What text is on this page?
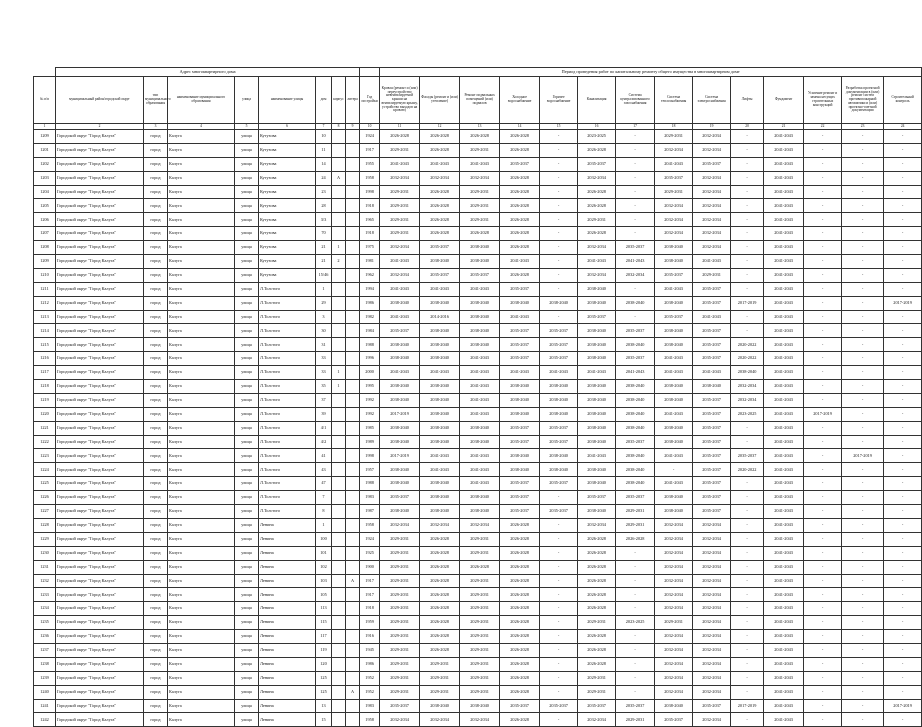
	Адрес многоквартирного дома									Период проведения работ по капитальному ремонту общего имущества в многоквартирном доме													
№ п/п	муниципальный район/городской округ	тип муниципального образования	наименование муниципального образования	улица	наименование улицы	дом	корпус	литера	Год постройки	Кровля (ремонт и (или) переустройство невентилируемой крыши на вентилируемую крышу, устройство выходов на кровлю)	Фасады (ремонт и (или) утепление)	Ремонт подвальных помещений (или) подвалов	Холодное водоснабжение	Горячее водоснабжение	Канализация	Система централизованного газоснабжения	Система теплоснабжения	Система электроснабжения	Лифты	Фундамент	Усиление ремонт и замена несущих строительных конструкций	Разработка проектной документации в (или) ремонт систем противопожарной автоматики и (или) проектно-сметной документации	Строительный контроль
1	2	3	4	5	6	7	8	9	10	11	12	13	14	15	16	17	18	19	20	21	22	23	24
1209	Городской округ "Город Калуга"	город	Калуга	улица	Кутузова	10			1924	2026-2028	2026-2028	2026-2028	2026-2028	-	2023-2025	-	2029-2031	2032-2034	-	2041-2043	-	-	-
1201	Городской округ "Город Калуга"	город	Калуга	улица	Кутузова	11			1917	2029-2031	2026-2028	2029-2031	2026-2028	-	2026-2028	-	2032-2034	2032-2034	-	2041-2043	-	-	-
1202	Городской округ "Город Калуга"	город	Калуга	улица	Кутузова	14			1955	2041-2043	2041-2043	2041-2043	2035-2037	-	2035-2037	-	2041-2043	2035-2037	-	2041-2043	-	-	-
1203	Городской округ "Город Калуга"	город	Калуга	улица	Кутузова	24	А		1958	2032-2034	2032-2034	2032-2034	2026-2028	-	2032-2034	-	2035-2037	2032-2034	-	2041-2043	-	-	-
1204	Городской округ "Город Калуга"	город	Калуга	улица	Кутузова	23			1998	2029-2031	2026-2028	2029-2031	2026-2028	-	2026-2028	-	2029-2031	2032-2034	-	2041-2043	-	-	-
1205	Городской округ "Город Калуга"	город	Калуга	улица	Кутузова	28			1918	2029-2031	2026-2028	2029-2031	2026-2028	-	2026-2028	-	2032-2034	2032-2034	-	2041-2043	-	-	-
1206	Городской округ "Город Калуга"	город	Калуга	улица	Кутузова	3/3			1965	2029-2031	2026-2028	2029-2031	2026-2028	-	2029-2031	-	2032-2034	2032-2034	-	2041-2043	-	-	-
1207	Городской округ "Город Калуга"	город	Калуга	улица	Кутузова	70			1918	2029-2031	2026-2028	2026-2028	2026-2028	-	2026-2028	-	2032-2034	2032-2034	-	2041-2043	-	-	-
1208	Городской округ "Город Калуга"	город	Калуга	улица	Кутузова	21	1		1975	2032-2034	2035-2037	2038-2040	2026-2028	-	2032-2034	2035-2037	2038-2040	2032-2034	-	2041-2043	-	-	-
1209	Городской округ "Город Калуга"	город	Калуга	улица	Кутузова	21	2		1981	2041-2043	2038-2040	2038-2040	2041-2043	-	2041-2043	2041-2043	2038-2040	2041-2043	-	2041-2043	-	-	-
1210	Городской округ "Город Калуга"	город	Калуга	улица	Кутузова	15/46			1962	2032-2034	2035-2037	2035-2037	2026-2028	-	2032-2034	2032-2034	2035-2037	2029-2031	-	2041-2043	-	-	-
1211	Городской округ "Город Калуга"	город	Калуга	улица	Л.Толстого	1			1994	2041-2043	2041-2043	2041-2043	2035-2037	-	2038-2040	-	2041-2043	2035-2037	-	2041-2043	-	-	-
1212	Городской округ "Город Калуга"	город	Калуга	улица	Л.Толстого	29			1986	2038-2040	2038-2040	2038-2040	2038-2040	2038-2040	2038-2040	2038-2040	2038-2040	2035-2037	2017-2019	2041-2043	-	-	2017-2019
1213	Городской округ "Город Калуга"	город	Калуга	улица	Л.Толстого	3			1982	2041-2043	2014-2016	2038-2040	2041-2043	-	2035-2037	-	2035-2037	2041-2043	-	2041-2043	-	-	-
1214	Городской округ "Город Калуга"	город	Калуга	улица	Л.Толстого	30			1984	2035-2037	2038-2040	2038-2040	2035-2037	2035-2037	2038-2040	2035-2037	2038-2040	2035-2037	-	2041-2043	-	-	-
1215	Городской округ "Город Калуга"	город	Калуга	улица	Л.Толстого	31			1988	2038-2040	2038-2040	2038-2040	2035-2037	2035-2037	2038-2040	2038-2040	2038-2040	2035-2037	2020-2022	2041-2043	-	-	-
1216	Городской округ "Город Калуга"	город	Калуга	улица	Л.Толстого	33			1996	2038-2040	2038-2040	2041-2043	2035-2037	2035-2037	2038-2040	2035-2037	2041-2043	2035-2037	2020-2022	2041-2043	-	-	-
1217	Городской округ "Город Калуга"	город	Калуга	улица	Л.Толстого	33	1		2000	2041-2043	2041-2043	2041-2043	2041-2043	2041-2043	2041-2043	2041-2043	2041-2043	2041-2043	2038-2040	2041-2043	-	-	-
1218	Городской округ "Город Калуга"	город	Калуга	улица	Л.Толстого	35	1		1995	2038-2040	2038-2040	2041-2043	2038-2040	2038-2040	2038-2040	2038-2040	2038-2040	2038-2040	2032-2034	2041-2043	-	-	-
1219	Городской округ "Город Калуга"	город	Калуга	улица	Л.Толстого	37			1992	2038-2040	2038-2040	2041-2043	2038-2040	2038-2040	2038-2040	2038-2040	2038-2040	2035-2037	2032-2034	2041-2043	-	-	-
1220	Городской округ "Город Калуга"	город	Калуга	улица	Л.Толстого	39			1992	2017-2019	2038-2040	2041-2043	2038-2040	2038-2040	2038-2040	2038-2040	2041-2043	2035-2037	2023-2025	2041-2043	2017-2019	-	-
1221	Городской округ "Город Калуга"	город	Калуга	улица	Л.Толстого	4/1			1985	2038-2040	2038-2040	2038-2040	2035-2037	2035-2037	2038-2040	2038-2040	2038-2040	2035-2037	-	2041-2043	-	-	-
1222	Городской округ "Город Калуга"	город	Калуга	улица	Л.Толстого	4/2			1989	2038-2040	2038-2040	2038-2040	2035-2037	2035-2037	2038-2040	2035-2037	2038-2040	2035-2037	-	2041-2043	-	-	-
1223	Городской округ "Город Калуга"	город	Калуга	улица	Л.Толстого	41			1998	2017-2019	2041-2043	2041-2043	2038-2040	2038-2040	2041-2043	2038-2040	2041-2043	2035-2037	2035-2037	2041-2043	-	2017-2019	-
1224	Городской округ "Город Калуга"	город	Калуга	улица	Л.Толстого	43			1957	2038-2040	2041-2043	2041-2043	2038-2040	2038-2040	2038-2040	2038-2040	-	2035-2037	2020-2022	2041-2043	-	-	-
1225	Городской округ "Город Калуга"	город	Калуга	улица	Л.Толстого	47			1988	2038-2040	2038-2040	2041-2043	2035-2037	2035-2037	2038-2040	2038-2040	2041-2043	2035-2037	-	2041-2043	-	-	-
1226	Городской округ "Город Калуга"	город	Калуга	улица	Л.Толстого	7			1983	2035-2037	2038-2040	2038-2040	2035-2037	-	2035-2037	2035-2037	2038-2040	2035-2037	-	2041-2043	-	-	-
1227	Городской округ "Город Калуга"	город	Калуга	улица	Л.Толстого	8			1987	2038-2040	2038-2040	2038-2040	2035-2037	2035-2037	2038-2040	2029-2031	2038-2040	2035-2037	-	2041-2043	-	-	-
1228	Городской округ "Город Калуга"	город	Калуга	улица	Ленина	1			1958	2032-2034	2032-2034	2032-2034	2026-2028	-	2032-2034	2029-2031	2032-2034	2032-2034	-	2041-2043	-	-	-
1229	Городской округ "Город Калуга"	город	Калуга	улица	Ленина	100			1924	2029-2031	2026-2028	2029-2031	2026-2028	-	2026-2028	2026-2028	2032-2034	2032-2034	-	2041-2043	-	-	-
1230	Городской округ "Город Калуга"	город	Калуга	улица	Ленина	101			1925	2029-2031	2026-2028	2029-2031	2026-2028	-	2026-2028	-	2032-2034	2032-2034	-	2041-2043	-	-	-
1231	Городской округ "Город Калуга"	город	Калуга	улица	Ленина	102			1900	2029-2031	2026-2028	2026-2028	2026-2028	-	2026-2028	-	2032-2034	2032-2034	-	2041-2043	-	-	-
1232	Городской округ "Город Калуга"	город	Калуга	улица	Ленина	103		А	1917	2029-2031	2026-2028	2029-2031	2026-2028	-	2026-2028	-	2032-2034	2032-2034	-	2041-2043	-	-	-
1233	Городской округ "Город Калуга"	город	Калуга	улица	Ленина	105			1917	2029-2031	2026-2028	2029-2031	2026-2028	-	2026-2028	-	2032-2034	2032-2034	-	2041-2043	-	-	-
1234	Городской округ "Город Калуга"	город	Калуга	улица	Ленина	113			1918	2029-2031	2026-2028	2029-2031	2026-2028	-	2026-2028	-	2032-2034	2032-2034	-	2041-2043	-	-	-
1235	Городской округ "Город Калуга"	город	Калуга	улица	Ленина	115			1959	2029-2031	2026-2028	2029-2031	2026-2028	-	2029-2031	2023-2025	2029-2031	2032-2034	-	2041-2043	-	-	-
1236	Городской округ "Город Калуга"	город	Калуга	улица	Ленина	117			1916	2029-2031	2026-2028	2029-2031	2026-2028	-	2026-2028	-	2032-2034	2032-2034	-	2041-2043	-	-	-
1237	Городской округ "Город Калуга"	город	Калуга	улица	Ленина	119			1945	2029-2031	2026-2028	2029-2031	2026-2028	-	2026-2028	-	2032-2034	2032-2034	-	2041-2043	-	-	-
1238	Городской округ "Город Калуга"	город	Калуга	улица	Ленина	120			1986	2029-2031	2029-2031	2029-2031	2026-2028	-	2026-2028	-	2032-2034	2032-2034	-	2041-2043	-	-	-
1239	Городской округ "Город Калуга"	город	Калуга	улица	Ленина	125			1952	2029-2031	2029-2031	2029-2031	2026-2028	-	2029-2031	-	2032-2034	2032-2034	-	2041-2043	-	-	-
1240	Городской округ "Город Калуга"	город	Калуга	улица	Ленина	125		А	1952	2029-2031	2029-2031	2029-2031	2026-2028	-	2029-2031	-	2032-2034	2032-2034	-	2041-2043	-	-	-
1241	Городской округ "Город Калуга"	город	Калуга	улица	Ленина	13			1983	2035-2037	2038-2040	2038-2040	2035-2037	2035-2037	2035-2037	2035-2037	2038-2040	2035-2037	2017-2019	2041-2043	-	-	2017-2019
1242	Городской округ "Город Калуга"	город	Калуга	улица	Ленина	15			1958	2032-2034	2032-2034	2032-2034	2026-2028	-	2032-2034	2029-2031	2035-2037	2032-2034	-	2041-2043	-	-	-
